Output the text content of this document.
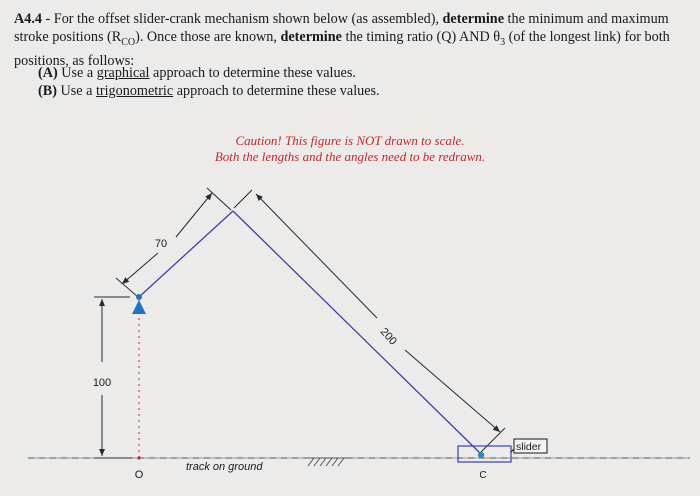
A4.4 - For the offset slider-crank mechanism shown below (as assembled), determine the minimum and maximum stroke positions $(R_{CO})$. Once those are known, determine the timing ratio (Q) AND $\theta_3$ (of the longest link) for both positions, as follows:
(A) Use a graphical approach to determine these values.
(B) Use a trigonometric approach to determine these values.
Caution! This figure is NOT drawn to scale.
Both the lengths and the angles need to be redrawn.
100
70
200
O	C
slider
track on ground
